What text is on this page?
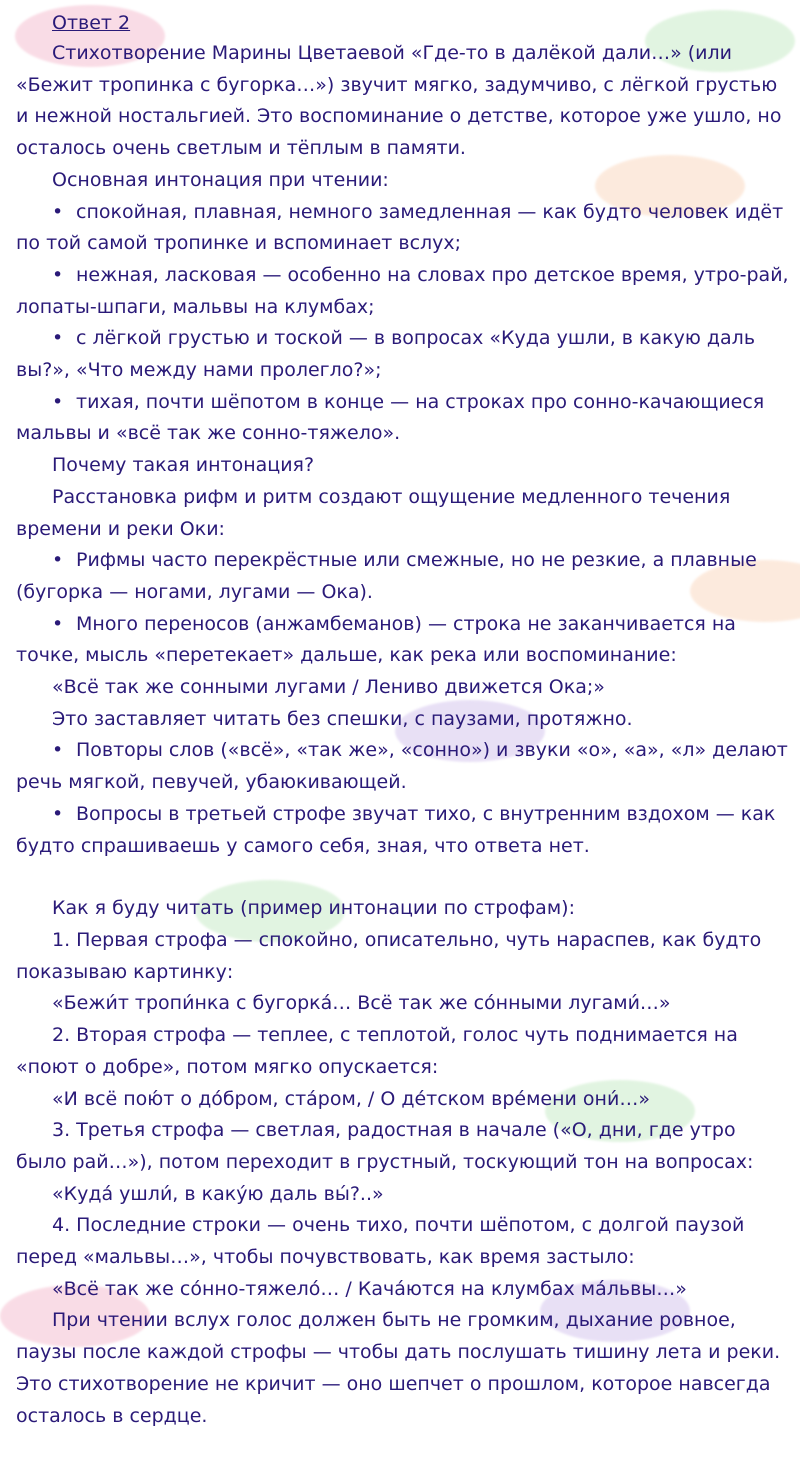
Ответ 2

Стихотворение Марины Цветаевой «Где-то в далёкой дали…» (или «Бежит тропинка с бугорка…») звучит мягко, задумчиво, с лёгкой грустью и нежной ностальгией. Это воспоминание о детстве, которое уже ушло, но осталось очень светлым и тёплым в памяти.

Основная интонация при чтении:

• спокойная, плавная, немного замедленная — как будто человек идёт по той самой тропинке и вспоминает вслух;

• нежная, ласковая — особенно на словах про детское время, утро-рай, лопаты-шпаги, мальвы на клумбах;

• с лёгкой грустью и тоской — в вопросах «Куда ушли, в какую даль вы?», «Что между нами пролегло?»;

• тихая, почти шёпотом в конце — на строках про сонно-качающиеся мальвы и «всё так же сонно-тяжело».

Почему такая интонация?

Расстановка рифм и ритм создают ощущение медленного течения времени и реки Оки:

• Рифмы часто перекрёстные или смежные, но не резкие, а плавные (бугорка — ногами, лугами — Ока).

• Много переносов (анжамбеманов) — строка не заканчивается на точке, мысль «перетекает» дальше, как река или воспоминание:

«Всё так же сонными лугами / Лениво движется Ока;»

Это заставляет читать без спешки, с паузами, протяжно.

• Повторы слов («всё», «так же», «сонно») и звуки «о», «а», «л» делают речь мягкой, певучей, убаюкивающей.

• Вопросы в третьей строфе звучат тихо, с внутренним вздохом — как будто спрашиваешь у самого себя, зная, что ответа нет.

Как я буду читать (пример интонации по строфам):

1. Первая строфа — спокойно, описательно, чуть нараспев, как будто показываю картинку:

«Бежи́т тропи́нка с бугорка́… Всё так же со́нными лугами́…»

2. Вторая строфа — теплее, с теплотой, голос чуть поднимается на «поют о добре», потом мягко опускается:

«И всё пою́т о до́бром, ста́ром, / О де́тском вре́мени они́…»

3. Третья строфа — светлая, радостная в начале («О, дни, где утро было рай…»), потом переходит в грустный, тоскующий тон на вопросах:

«Куда́ ушли́, в каку́ю даль вы́?..»

4. Последние строки — очень тихо, почти шёпотом, с долгой паузой перед «мальвы…», чтобы почувствовать, как время застыло:

«Всё так же со́нно-тяжело́… / Кача́ются на клумбах ма́львы…»

При чтении вслух голос должен быть не громким, дыхание ровное, паузы после каждой строфы — чтобы дать послушать тишину лета и реки. Это стихотворение не кричит — оно шепчет о прошлом, которое навсегда осталось в сердце.
